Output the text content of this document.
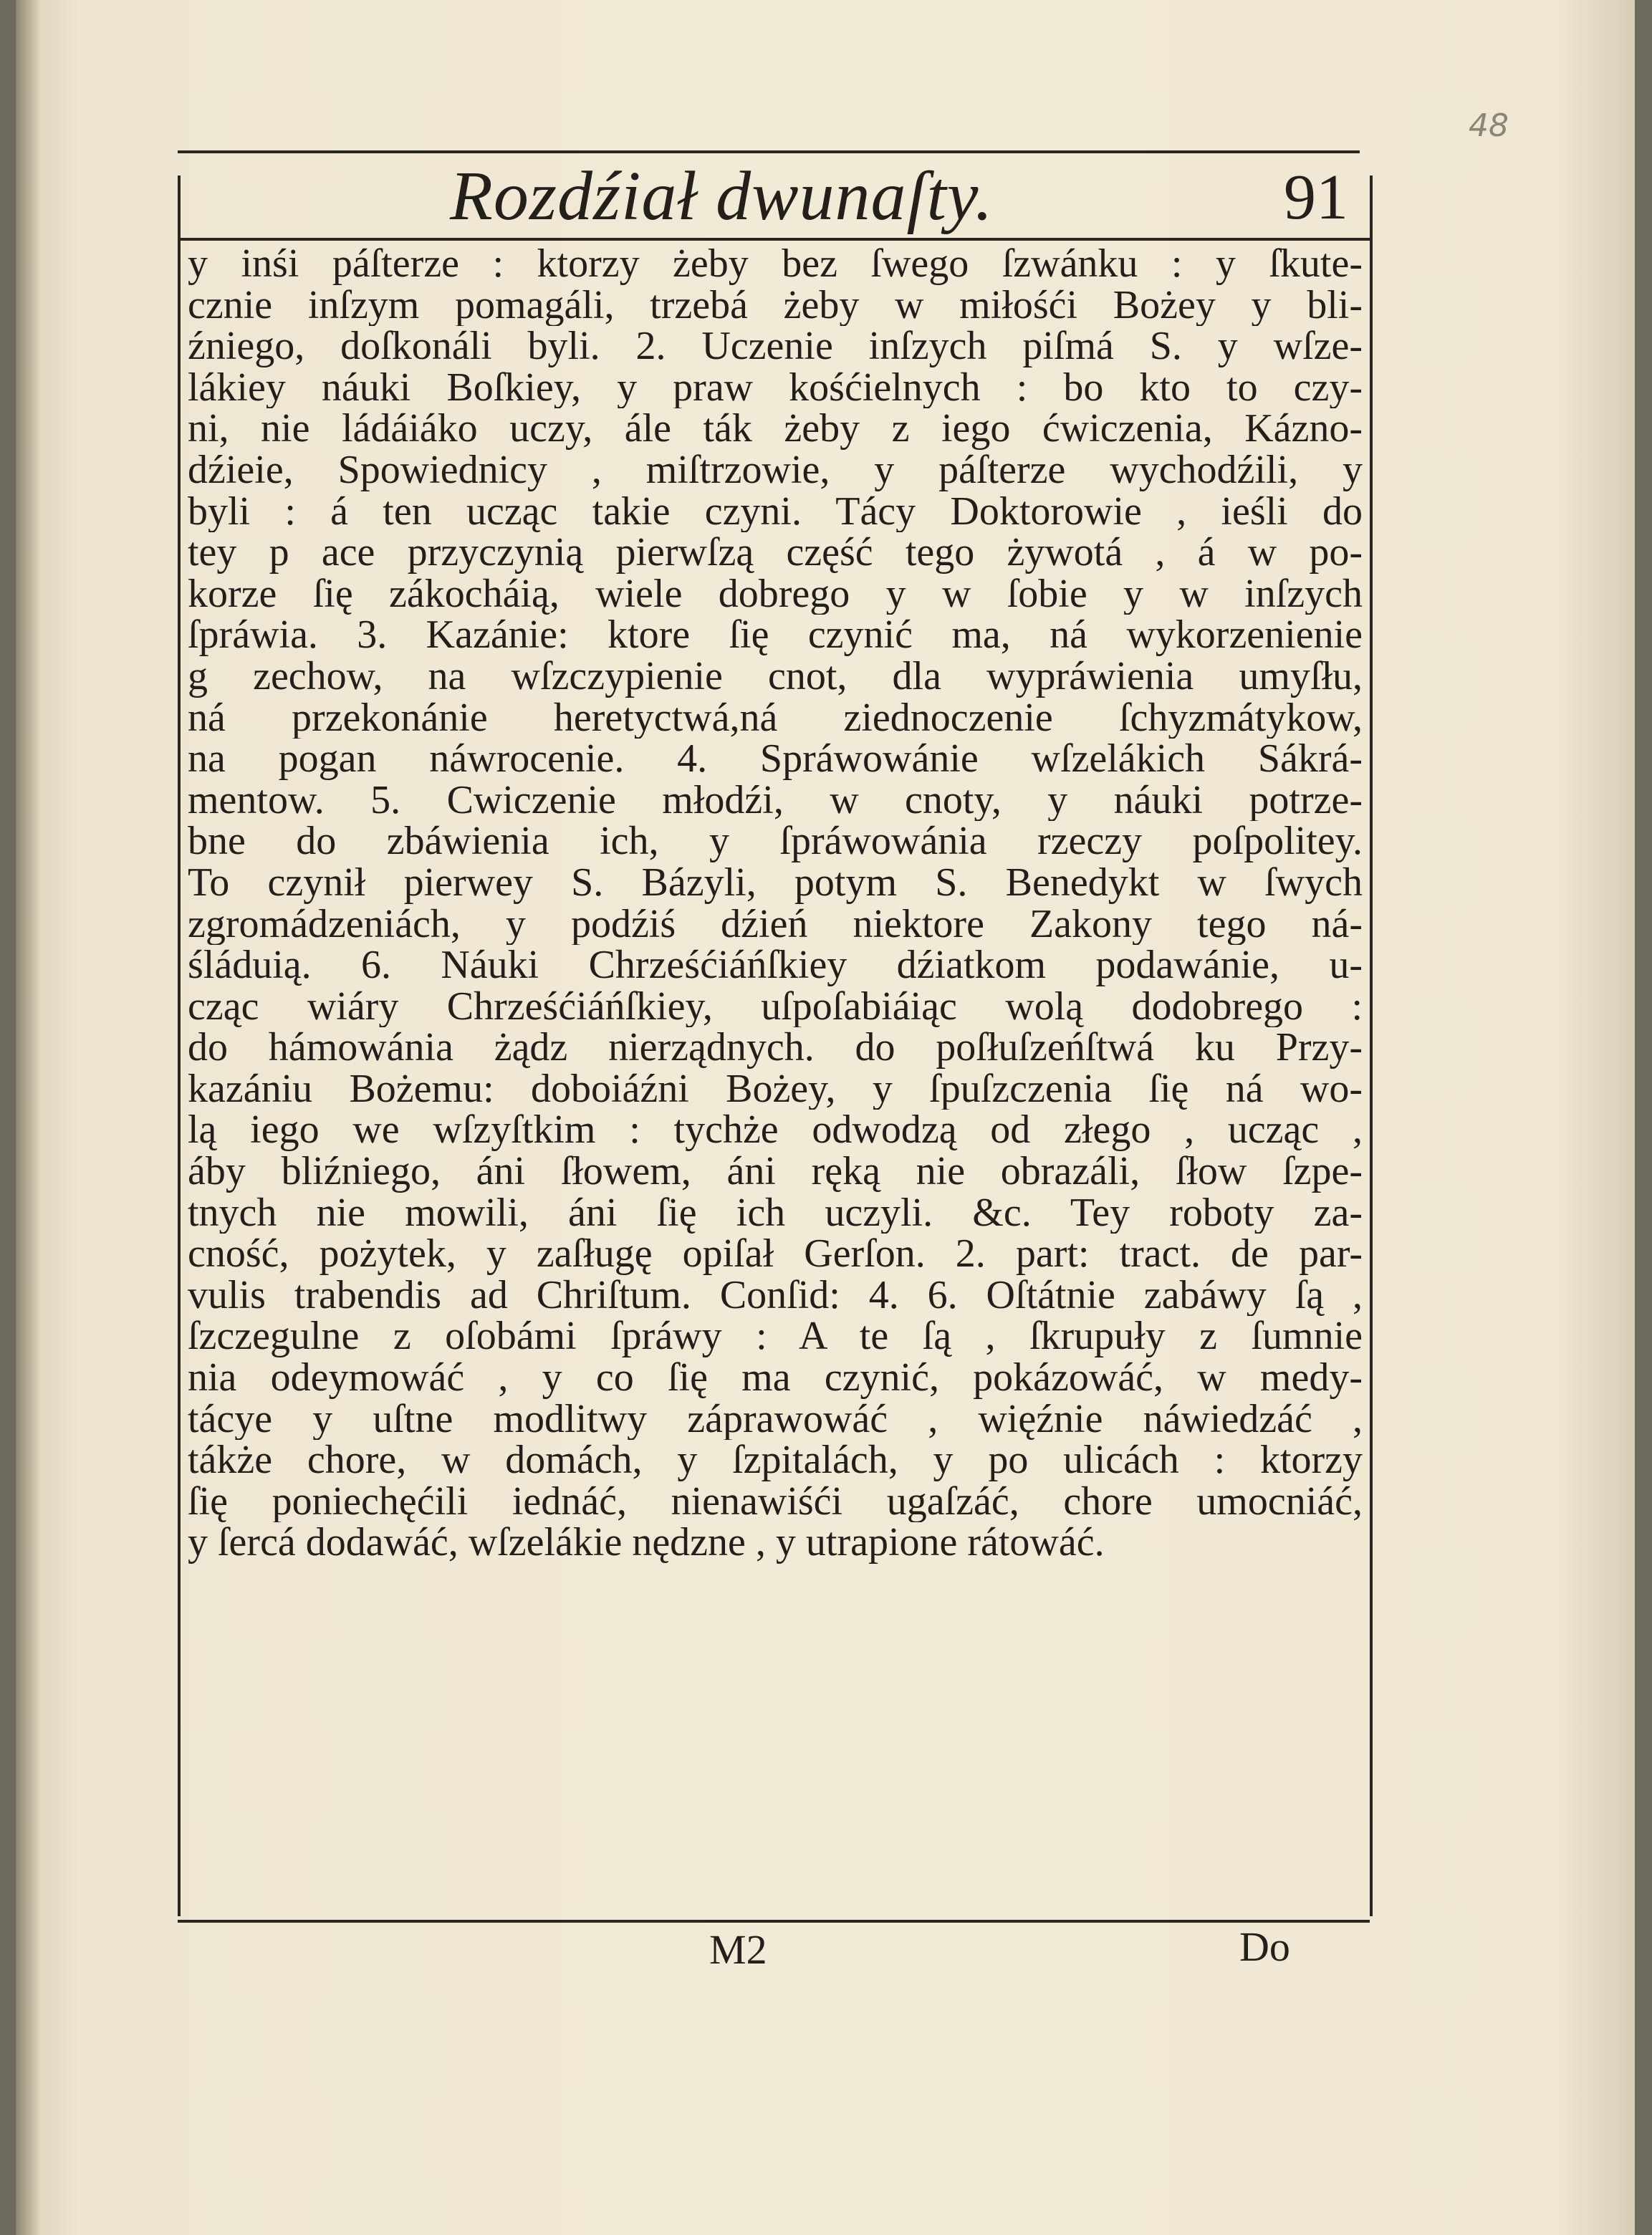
48
Rozdźiał dwunaſty.	91
y inśi páſterze : ktorzy żeby bez ſwego ſzwánku : y ſkute-
cznie inſzym pomagáli, trzebá żeby w miłośći Bożey y bli-
źniego, doſkonáli byli. 2. Uczenie inſzych piſmá S. y wſze-
lákiey náuki Boſkiey, y praw kośćielnych : bo kto to czy-
ni, nie ládáiáko uczy, ále ták żeby z iego ćwiczenia, Kázno-
dźieie, Spowiednicy , miſtrzowie, y páſterze wychodźili, y
byli : á ten ucząc takie czyni. Tácy Doktorowie , ieśli do
tey p ace przyczynią pierwſzą część tego żywotá , á w po-
korze ſię zákocháią, wiele dobrego y w ſobie y w inſzych
ſpráwia. 3. Kazánie: ktore ſię czynić ma, ná wykorzenienie
g zechow, na wſzczypienie cnot, dla wypráwienia umyſłu,
ná przekonánie heretyctwá,ná ziednoczenie ſchyzmátykow,
na pogan náwrocenie. 4. Spráwowánie wſzelákich Sákrá-
mentow. 5. Cwiczenie młodźi, w cnoty, y náuki potrze-
bne do zbáwienia ich, y ſpráwowánia rzeczy poſpolitey.
To czynił pierwey S. Bázyli, potym S. Benedykt w ſwych
zgromádzeniách, y podźiś dźień niektore Zakony tego ná-
śláduią. 6. Náuki Chrześćiáńſkiey dźiatkom podawánie, u-
cząc wiáry Chrześćiáńſkiey, uſpoſabiáiąc wolą dodobrego :
do hámowánia żądz nierządnych. do poſłuſzeńſtwá ku Przy-
kazániu Bożemu: doboiáźni Bożey, y ſpuſzczenia ſię ná wo-
lą iego we wſzyſtkim : tychże odwodzą od złego , ucząc ,
áby bliźniego, áni ſłowem, áni ręką nie obrazáli, ſłow ſzpe-
tnych nie mowili, áni ſię ich uczyli. &c. Tey roboty za-
cność, pożytek, y zaſługę opiſał Gerſon. 2. part: tract. de par-
vulis trabendis ad Chriſtum. Conſid: 4. 6. Oſtátnie zabáwy ſą ,
ſzczegulne z oſobámi ſpráwy : A te ſą , ſkrupuły z ſumnie
nia odeymowáć , y co ſię ma czynić, pokázowáć, w medy-
tácye y uſtne modlitwy záprawowáć , więźnie náwiedzáć ,
tákże chore, w domách, y ſzpitalách, y po ulicách : ktorzy
ſię poniechęćili iednáć, nienawiśći ugaſzáć, chore umocniáć,
y ſercá dodawáć, wſzelákie nędzne , y utrapione rátowáć.
M2	Do
